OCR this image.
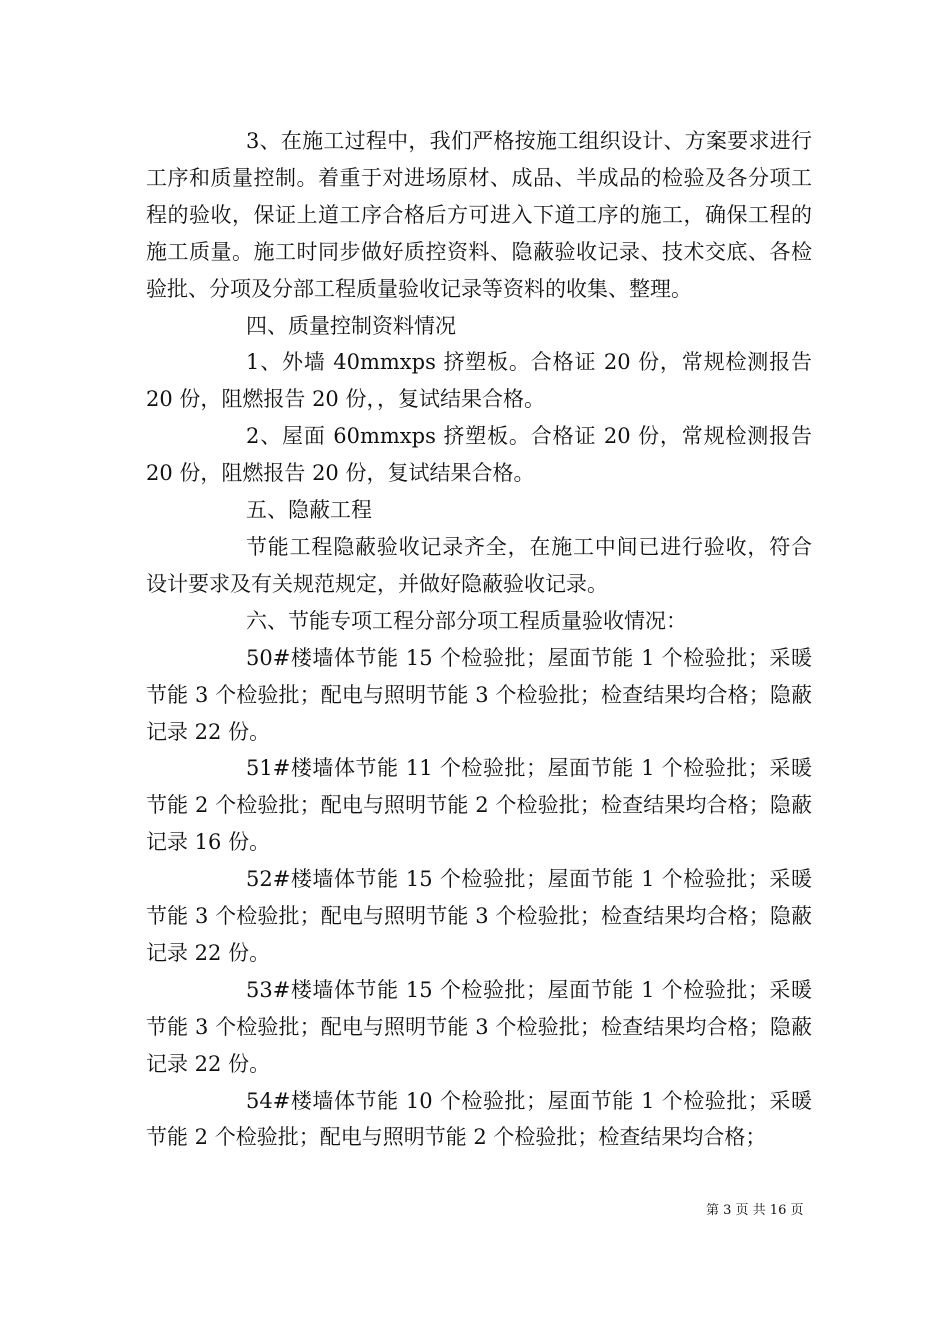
3、在施工过程中，我们严格按施工组织设计、方案要求进行工序和质量控制。着重于对进场原材、成品、半成品的检验及各分项工程的验收，保证上道工序合格后方可进入下道工序的施工，确保工程的施工质量。施工时同步做好质控资料、隐蔽验收记录、技术交底、各检验批、分项及分部工程质量验收记录等资料的收集、整理。

四、质量控制资料情况

1、外墙 40mmxps 挤塑板。合格证 20 份，常规检测报告 20 份，阻燃报告 20 份，，复试结果合格。

2、屋面 60mmxps 挤塑板。合格证 20 份，常规检测报告 20 份，阻燃报告 20 份，复试结果合格。

五、隐蔽工程

节能工程隐蔽验收记录齐全，在施工中间已进行验收，符合设计要求及有关规范规定，并做好隐蔽验收记录。

六、节能专项工程分部分项工程质量验收情况：

50#楼墙体节能 15 个检验批；屋面节能 1 个检验批；采暖节能 3 个检验批；配电与照明节能 3 个检验批；检查结果均合格；隐蔽记录 22 份。

51#楼墙体节能 11 个检验批；屋面节能 1 个检验批；采暖节能 2 个检验批；配电与照明节能 2 个检验批；检查结果均合格；隐蔽记录 16 份。

52#楼墙体节能 15 个检验批；屋面节能 1 个检验批；采暖节能 3 个检验批；配电与照明节能 3 个检验批；检查结果均合格；隐蔽记录 22 份。

53#楼墙体节能 15 个检验批；屋面节能 1 个检验批；采暖节能 3 个检验批；配电与照明节能 3 个检验批；检查结果均合格；隐蔽记录 22 份。

54#楼墙体节能 10 个检验批；屋面节能 1 个检验批；采暖节能 2 个检验批；配电与照明节能 2 个检验批；检查结果均合格；

第 3 页 共 16 页
